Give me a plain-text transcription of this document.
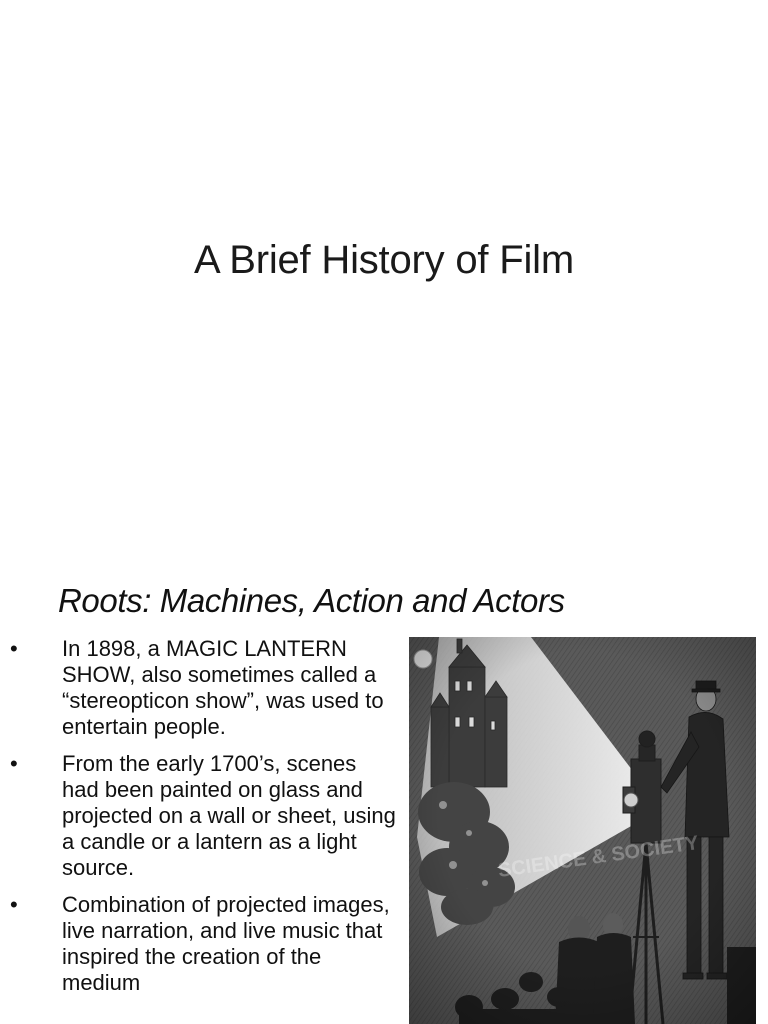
A Brief History of Film
Roots: Machines, Action and Actors
• In 1898, a MAGIC LANTERN SHOW, also sometimes called a “stereopticon show”, was used to entertain people.
• From the early 1700’s, scenes had been painted on glass and projected on a wall or sheet, using a candle or a lantern as a light source.
• Combination of projected images, live narration, and live music that inspired the creation of the medium
